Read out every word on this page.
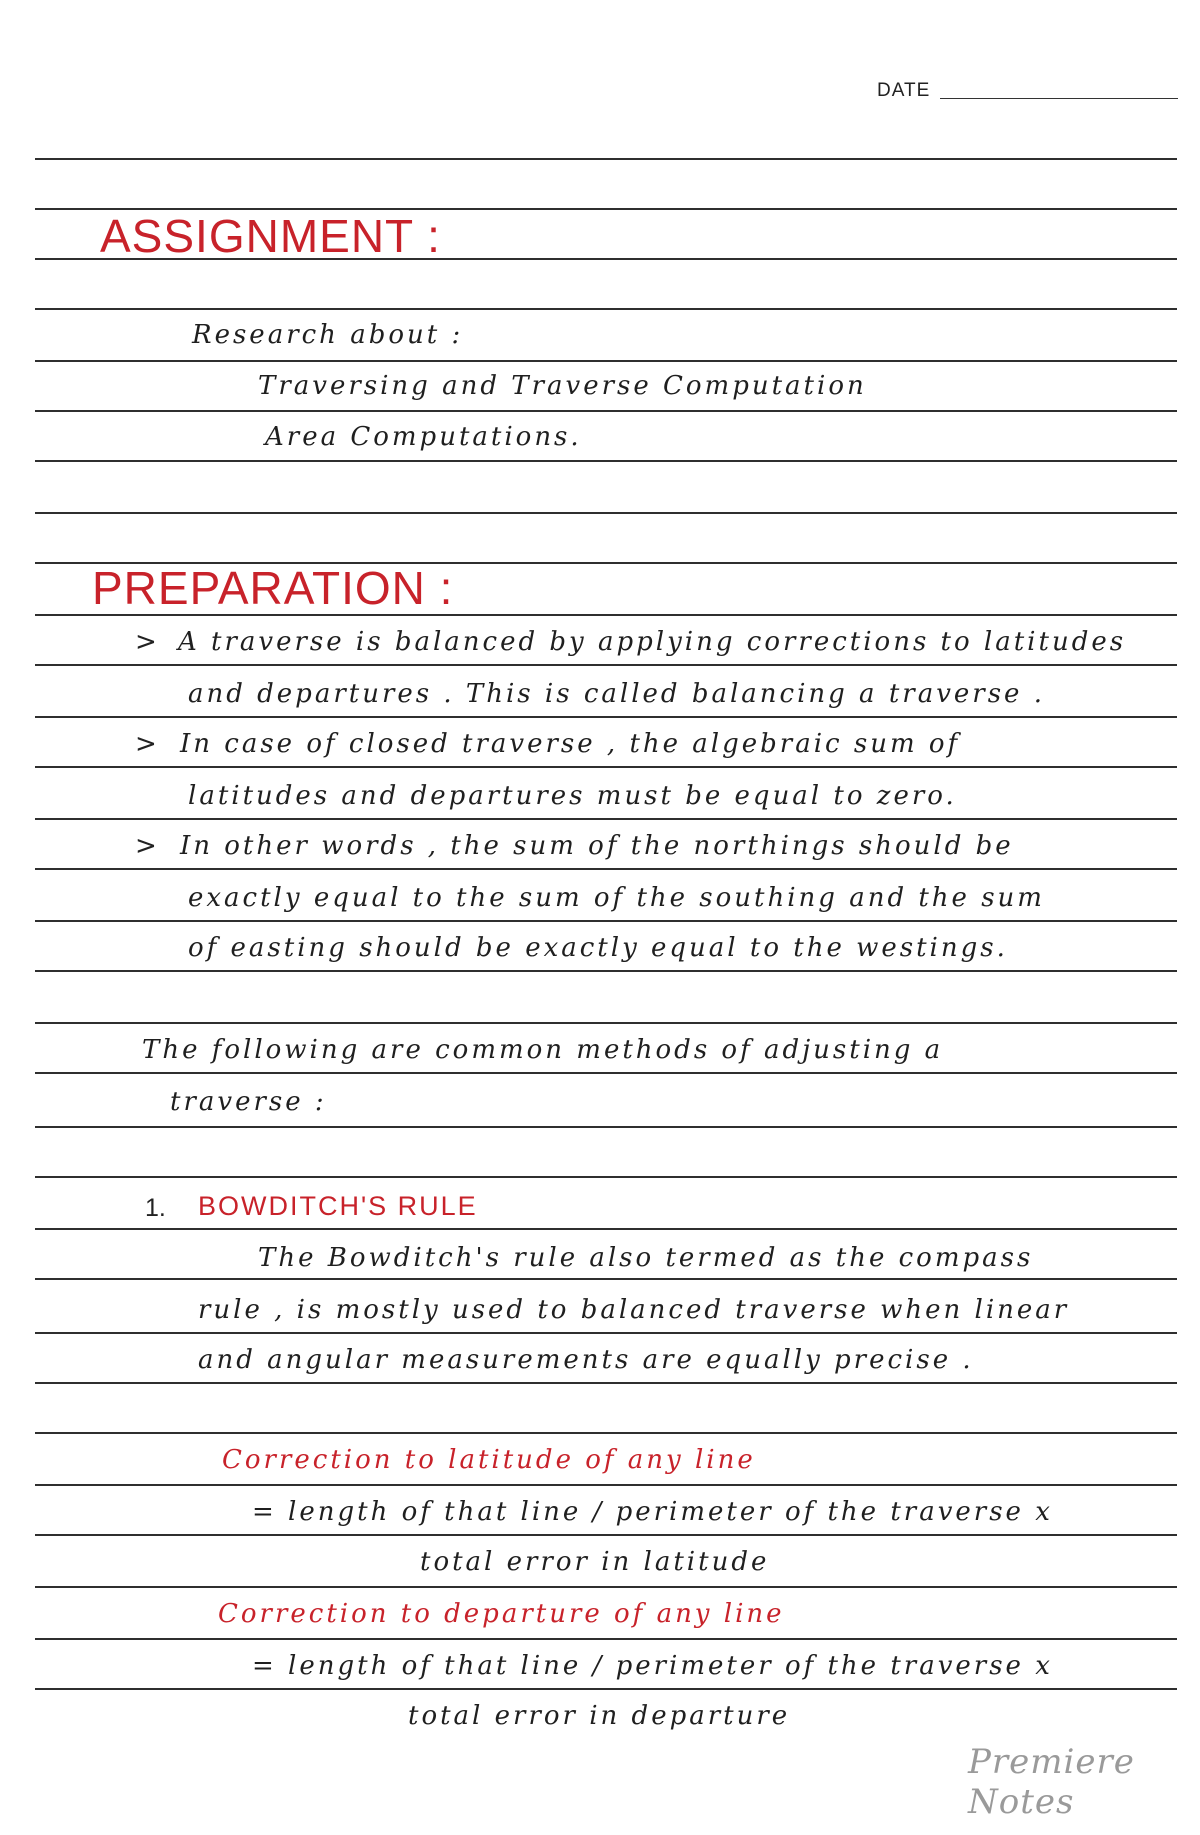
DATE
ASSIGNMENT :
Research about :
Traversing and Traverse Computation
Area Computations.
PREPARATION :
> A traverse is balanced by applying corrections to latitudes
and departures . This is called balancing a traverse .
> In case of closed traverse , the algebraic sum of
latitudes and departures must be equal to zero.
> In other words , the sum of the northings should be
exactly equal to the sum of the southing and the sum
of easting should be exactly equal to the westings.
The following are common methods of adjusting a
traverse :
1. BOWDITCH'S RULE
The Bowditch's rule also termed as the compass
rule , is mostly used to balanced traverse when linear
and angular measurements are equally precise .
Correction to latitude of any line
= length of that line / perimeter of the traverse x
total error in latitude
Correction to departure of any line
= length of that line / perimeter of the traverse x
total error in departure
Premiere Notes
